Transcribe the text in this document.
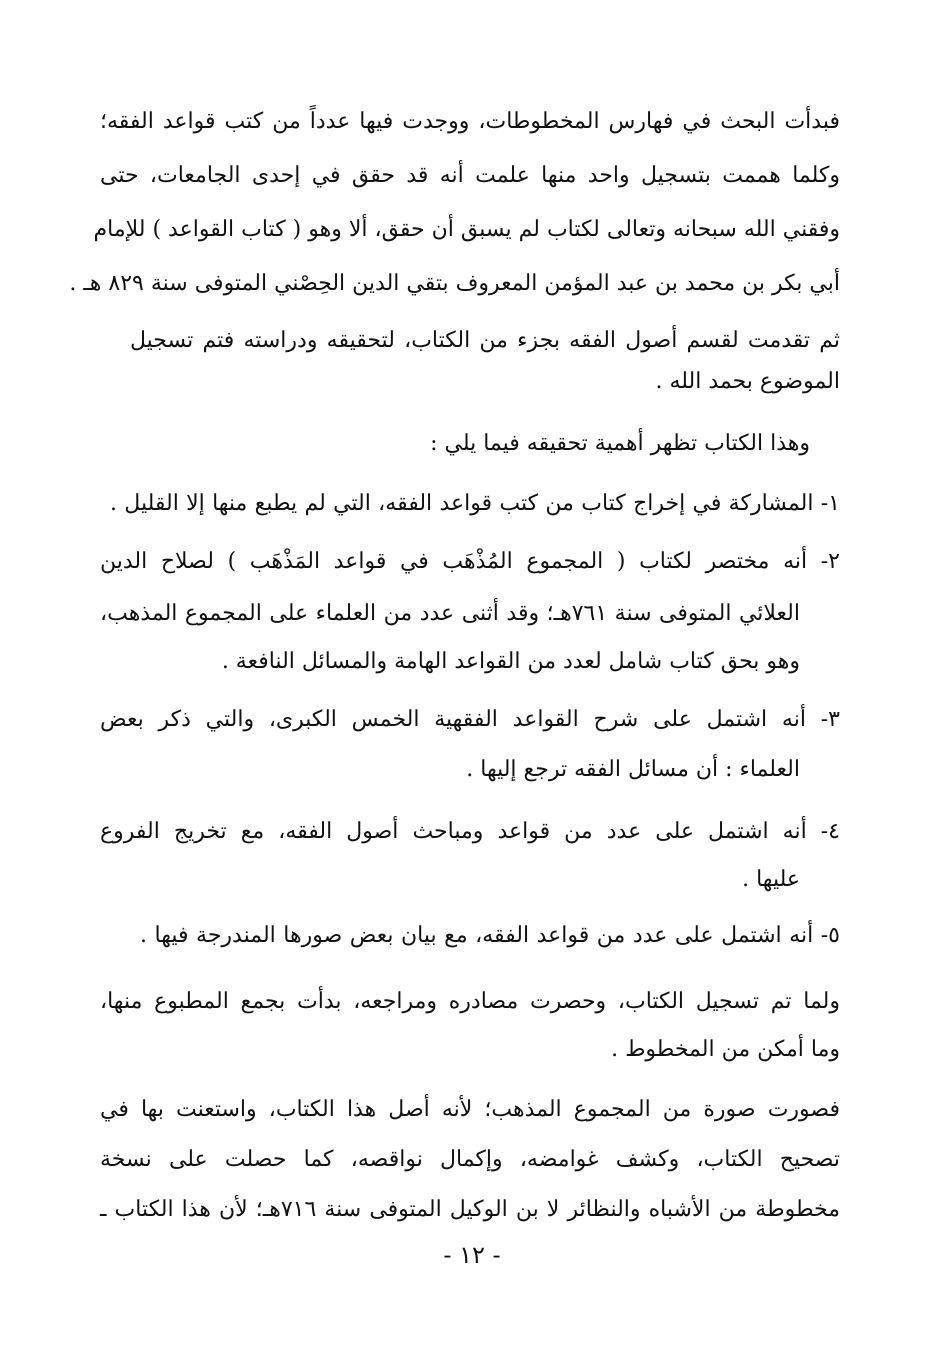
فبدأت البحث في فهارس المخطوطات، ووجدت فيها عدداً من كتب قواعد الفقه؛
وكلما هممت بتسجيل واحد منها علمت أنه قد حقق في إحدى الجامعات، حتى
وفقني الله سبحانه وتعالى لكتاب لم يسبق أن حقق، ألا وهو ( كتاب القواعد ) للإمام
أبي بكر بن محمد بن عبد المؤمن المعروف بتقي الدين الحِصْني المتوفى سنة ٨٢٩ هـ .
ثم تقدمت لقسم أصول الفقه بجزء من الكتاب، لتحقيقه ودراسته فتم تسجيل
الموضوع بحمد الله .
وهذا الكتاب تظهر أهمية تحقيقه فيما يلي :
١- المشاركة في إخراج كتاب من كتب قواعد الفقه، التي لم يطبع منها إلا القليل .
٢- أنه مختصر لكتاب ( المجموع المُذْهَب في قواعد المَذْهَب ) لصلاح الدين
العلائي المتوفى سنة ٧٦١هـ؛ وقد أثنى عدد من العلماء على المجموع المذهب،
وهو بحق كتاب شامل لعدد من القواعد الهامة والمسائل النافعة .
٣- أنه اشتمل على شرح القواعد الفقهية الخمس الكبرى، والتي ذكر بعض
العلماء : أن مسائل الفقه ترجع إليها .
٤- أنه اشتمل على عدد من قواعد ومباحث أصول الفقه، مع تخريج الفروع
عليها .
٥- أنه اشتمل على عدد من قواعد الفقه، مع بيان بعض صورها المندرجة فيها .
ولما تم تسجيل الكتاب، وحصرت مصادره ومراجعه، بدأت بجمع المطبوع منها،
وما أمكن من المخطوط .
فصورت صورة من المجموع المذهب؛ لأنه أصل هذا الكتاب، واستعنت بها في
تصحيح الكتاب، وكشف غوامضه، وإكمال نواقصه، كما حصلت على نسخة
مخطوطة من الأشباه والنظائر لا بن الوكيل المتوفى سنة ٧١٦هـ؛ لأن هذا الكتاب ـ
- ١٢ -
